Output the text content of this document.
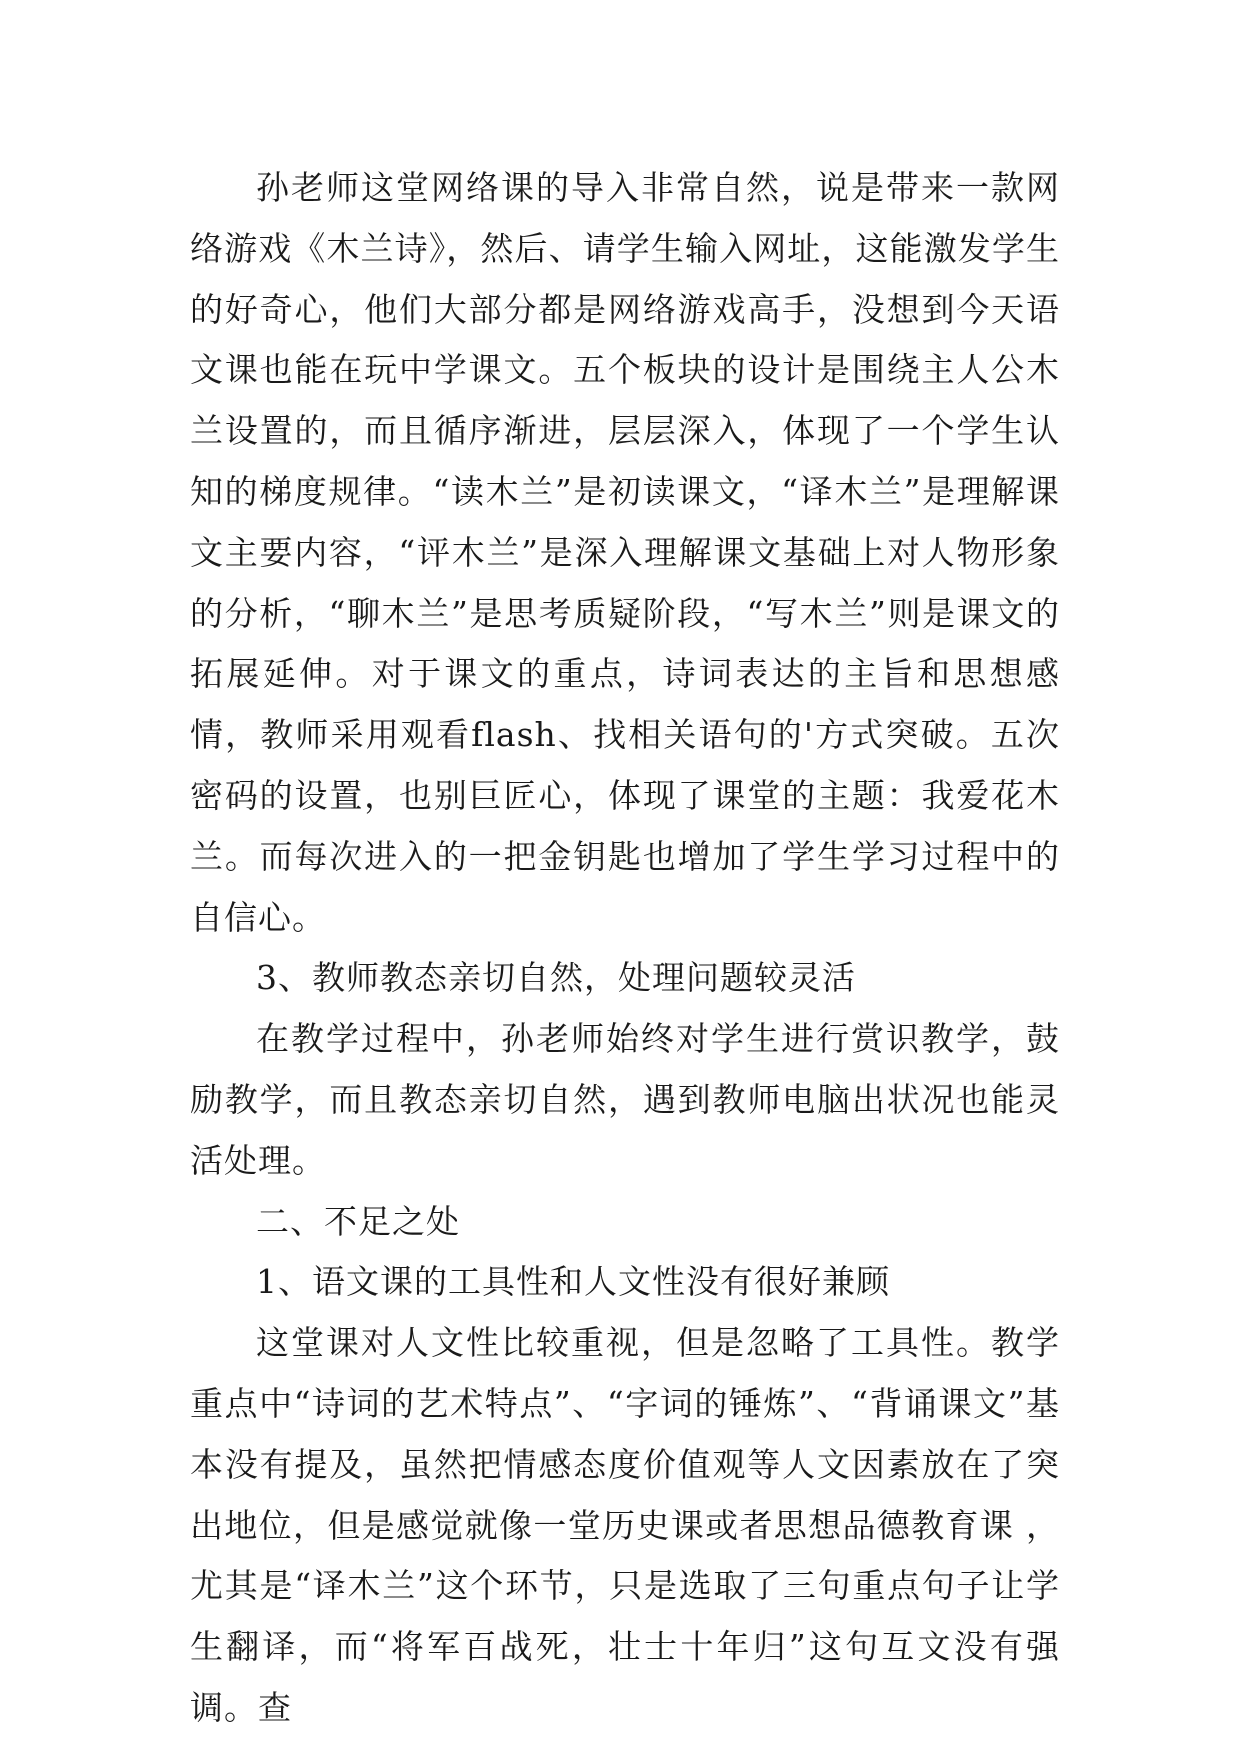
孙老师这堂网络课的导入非常自然，说是带来一款网络游戏《木兰诗》，然后、请学生输入网址，这能激发学生的好奇心，他们大部分都是网络游戏高手，没想到今天语文课也能在玩中学课文。五个板块的设计是围绕主人公木兰设置的，而且循序渐进，层层深入，体现了一个学生认知的梯度规律。“读木兰”是初读课文，“译木兰”是理解课文主要内容，“评木兰”是深入理解课文基础上对人物形象的分析，“聊木兰”是思考质疑阶段，“写木兰”则是课文的拓展延伸。对于课文的重点，诗词表达的主旨和思想感情，教师采用观看flash、找相关语句的'方式突破。五次密码的设置，也别巨匠心，体现了课堂的主题：我爱花木兰。而每次进入的一把金钥匙也增加了学生学习过程中的自信心。

3、教师教态亲切自然，处理问题较灵活

在教学过程中，孙老师始终对学生进行赏识教学，鼓励教学，而且教态亲切自然，遇到教师电脑出状况也能灵活处理。

二、不足之处

1、语文课的工具性和人文性没有很好兼顾

这堂课对人文性比较重视，但是忽略了工具性。教学重点中“诗词的艺术特点”、“字词的锤炼”、“背诵课文”基本没有提及，虽然把情感态度价值观等人文因素放在了突出地位，但是感觉就像一堂历史课或者思想品德教育课 ，尤其是“译木兰”这个环节，只是选取了三句重点句子让学生翻译，而“将军百战死，壮士十年归”这句互文没有强调。查
